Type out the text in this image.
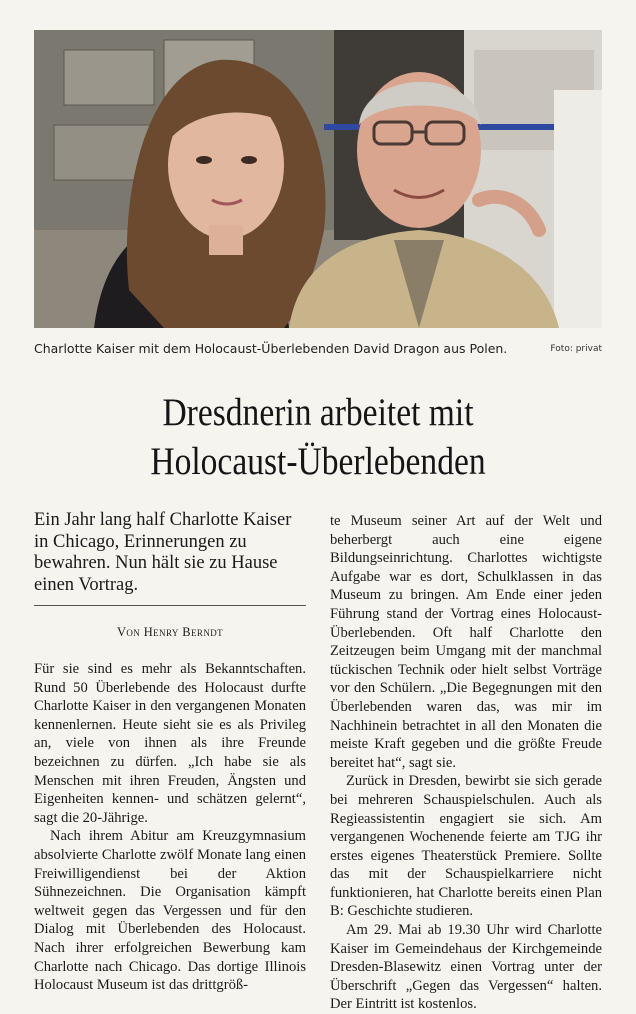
Charlotte Kaiser mit dem Holocaust-Überlebenden David Dragon aus Polen.	Foto: privat
Dresdnerin arbeitet mit
Holocaust-Überlebenden

Ein Jahr lang half Charlotte Kaiser in Chicago, Erinnerungen zu bewahren. Nun hält sie zu Hause einen Vortrag.

Von Henry Berndt

Für sie sind es mehr als Bekanntschaften. Rund 50 Überlebende des Holocaust durfte Charlotte Kaiser in den vergangenen Monaten kennenlernen. Heute sieht sie es als Privileg an, viele von ihnen als ihre Freunde bezeichnen zu dürfen. „Ich habe sie als Menschen mit ihren Freuden, Ängsten und Eigenheiten kennen- und schätzen gelernt“, sagt die 20-Jährige.

Nach ihrem Abitur am Kreuzgymnasium absolvierte Charlotte zwölf Monate lang einen Freiwilligendienst bei der Aktion Sühnezeichnen. Die Organisation kämpft weltweit gegen das Vergessen und für den Dialog mit Überlebenden des Holocaust. Nach ihrer erfolgreichen Bewerbung kam Charlotte nach Chicago. Das dortige Illinois Holocaust Museum ist das drittgröß-

te Museum seiner Art auf der Welt und beherbergt auch eine eigene Bildungseinrichtung. Charlottes wichtigste Aufgabe war es dort, Schulklassen in das Museum zu bringen. Am Ende einer jeden Führung stand der Vortrag eines Holocaust-Überlebenden. Oft half Charlotte den Zeitzeugen beim Umgang mit der manchmal tückischen Technik oder hielt selbst Vorträge vor den Schülern. „Die Begegnungen mit den Überlebenden waren das, was mir im Nachhinein betrachtet in all den Monaten die meiste Kraft gegeben und die größte Freude bereitet hat“, sagt sie.

Zurück in Dresden, bewirbt sie sich gerade bei mehreren Schauspielschulen. Auch als Regieassistentin engagiert sie sich. Am vergangenen Wochenende feierte am TJG ihr erstes eigenes Theaterstück Premiere. Sollte das mit der Schauspielkarriere nicht funktionieren, hat Charlotte bereits einen Plan B: Geschichte studieren.

Am 29. Mai ab 19.30 Uhr wird Charlotte Kaiser im Gemeindehaus der Kirchgemeinde Dresden-Blasewitz einen Vortrag unter der Überschrift „Gegen das Vergessen“ halten. Der Eintritt ist kostenlos.
